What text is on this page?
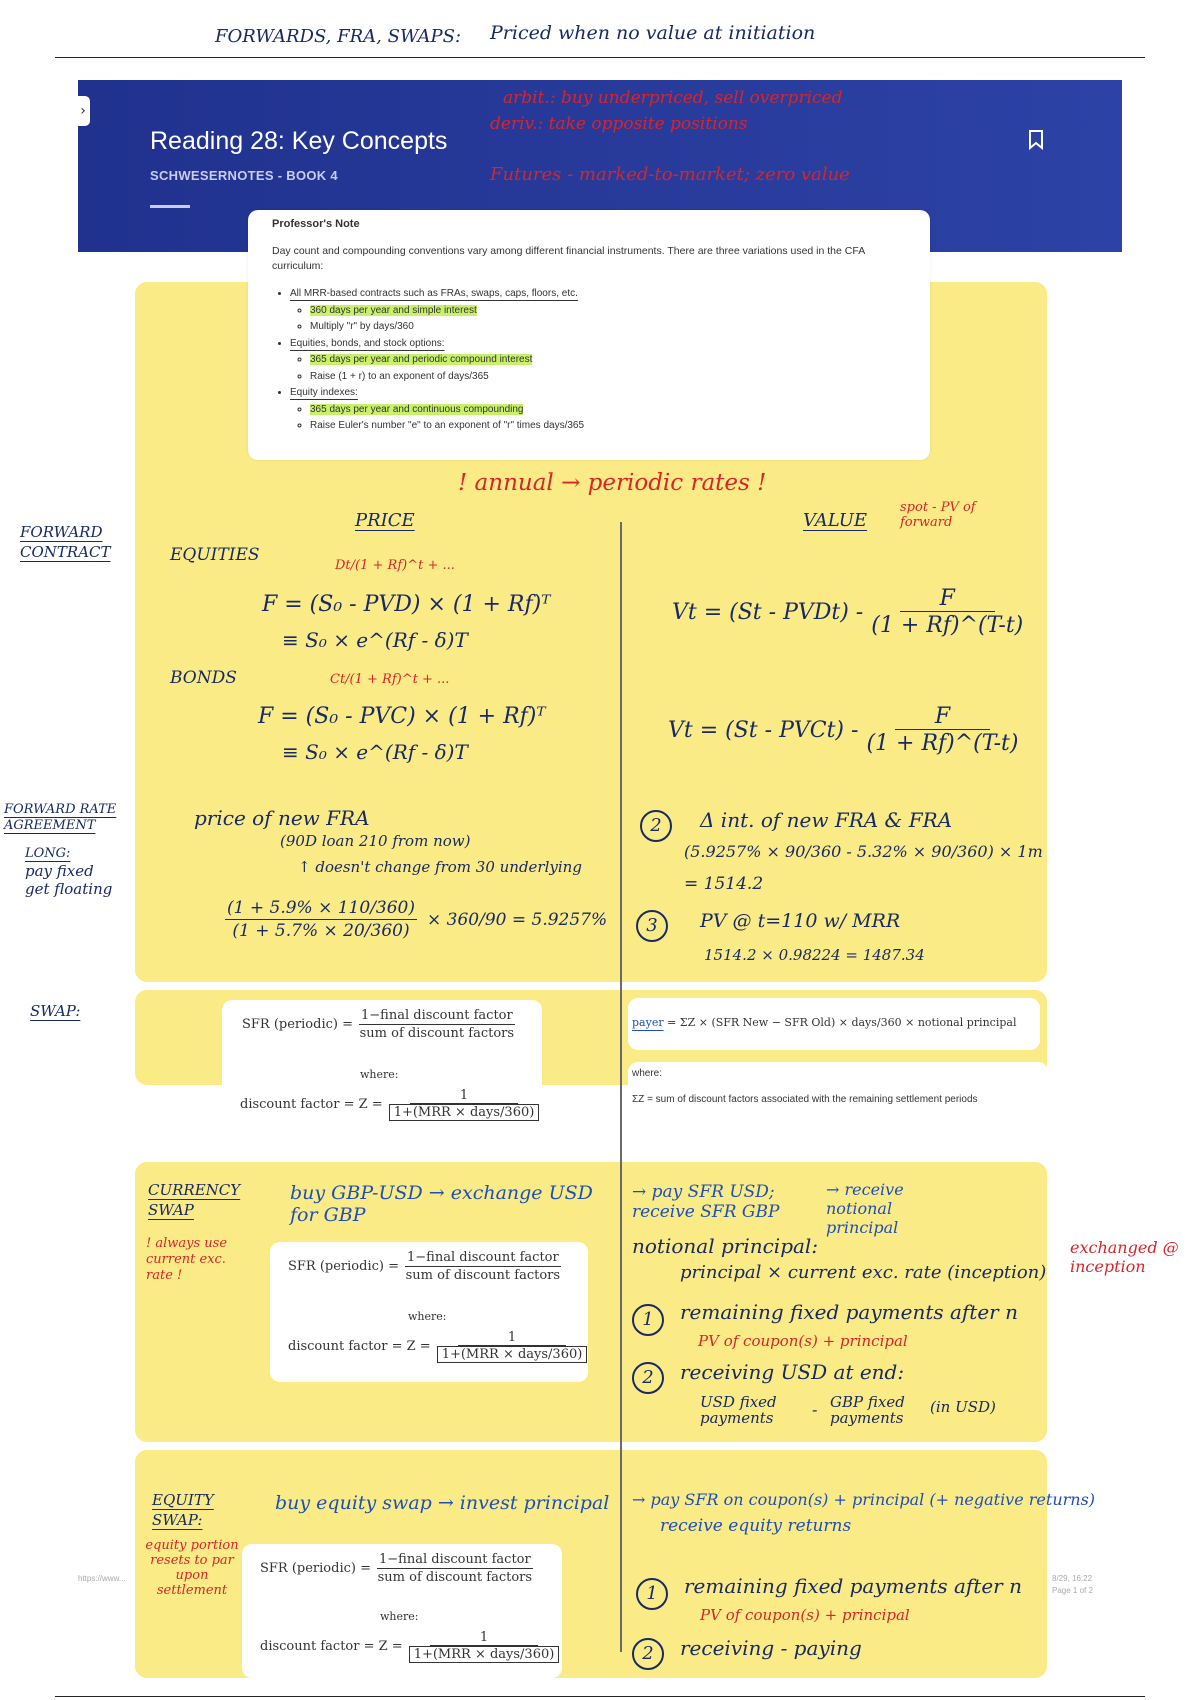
FORWARDS, FRA, SWAPS: Priced when no value at initiation
›
Reading 28: Key Concepts
SCHWESERNOTES - BOOK 4
arbit.: buy underpriced, sell overpriced
deriv.: take opposite positions
Futures - marked-to-market; zero value
Professor's Note
Day count and compounding conventions vary among different financial instruments. There are three variations used in the CFA curriculum:
• All MRR-based contracts such as FRAs, swaps, caps, floors, etc.
◦ 360 days per year and simple interest
◦ Multiply "r" by days/360
• Equities, bonds, and stock options:
◦ 365 days per year and periodic compound interest
◦ Raise (1 + r) to an exponent of days/365
• Equity indexes:
◦ 365 days per year and continuous compounding
◦ Raise Euler's number "e" to an exponent of "r" times days/365
! annual → periodic rates !
PRICE	VALUE
spot - PV of forward
FORWARD CONTRACT	EQUITIES
Dt/(1 + Rf)^t + ...
F = (S₀ - PVD) × (1 + Rf)ᵀ
≡ S₀ × e^(Rf - δ)T
Vt = (St - PVDt) - $\frac{F}{(1 + Rf)\^{}(T-t)}$
BONDS	Ct/(1 + Rf)^t + ...
F = (S₀ - PVC) × (1 + Rf)ᵀ
≡ S₀ × e^(Rf - δ)T
Vt = (St - PVCt) - $\frac{F}{(1 + Rf)\^{}(T-t)}$
FORWARD RATE AGREEMENT
LONG:
pay fixed
get floating
price of new FRA
(90D loan 210 from now)
↑ doesn't change from 30 underlying
$\frac{(1 + 5.9\% \times 110/360)}{(1 + 5.7\% \times 20/360)} \times 360/90 = 5.9257\%$
2	Δ int. of new FRA & FRA
(5.9257% × 90/360 - 5.32% × 90/360) × 1m
= 1514.2
3	PV @ t=110 w/ MRR
1514.2 × 0.98224 = 1487.34
SWAP:
SFR (periodic) = $\frac{\text{1−final discount factor}}{\text{sum of discount factors}}$
where:
discount factor = $Z = \frac{1}{\text{1+(MRR × days/360)}}$
payer = ΣZ × (SFR New − SFR Old) × days/360 × notional principal
where:
ΣZ = sum of discount factors associated with the remaining settlement periods
CURRENCY SWAP
! always use current exc. rate !
buy GBP-USD → exchange USD for GBP
→ pay SFR USD; receive SFR GBP
→ receive notional principal
SFR (periodic) = $\frac{\text{1−final discount factor}}{\text{sum of discount factors}}$
where:
discount factor = $Z = \frac{1}{\text{1+(MRR × days/360)}}$
notional principal:
principal × current exc. rate (inception)
exchanged @ inception
1	remaining fixed payments after n
PV of coupon(s) + principal
2	receiving USD at end:
USD fixed payments	- GBP fixed payments
(in USD)
EQUITY SWAP:
equity portion resets to par upon settlement
buy equity swap → invest principal → pay SFR on coupon(s) + principal (+ negative returns)
receive equity returns
SFR (periodic) = $\frac{\text{1−final discount factor}}{\text{sum of discount factors}}$
where:
discount factor = $Z = \frac{1}{\text{1+(MRR × days/360)}}$
1	remaining fixed payments after n
PV of coupon(s) + principal
2	receiving - paying
https://www...	8/29, 16:22
Page 1 of 2
